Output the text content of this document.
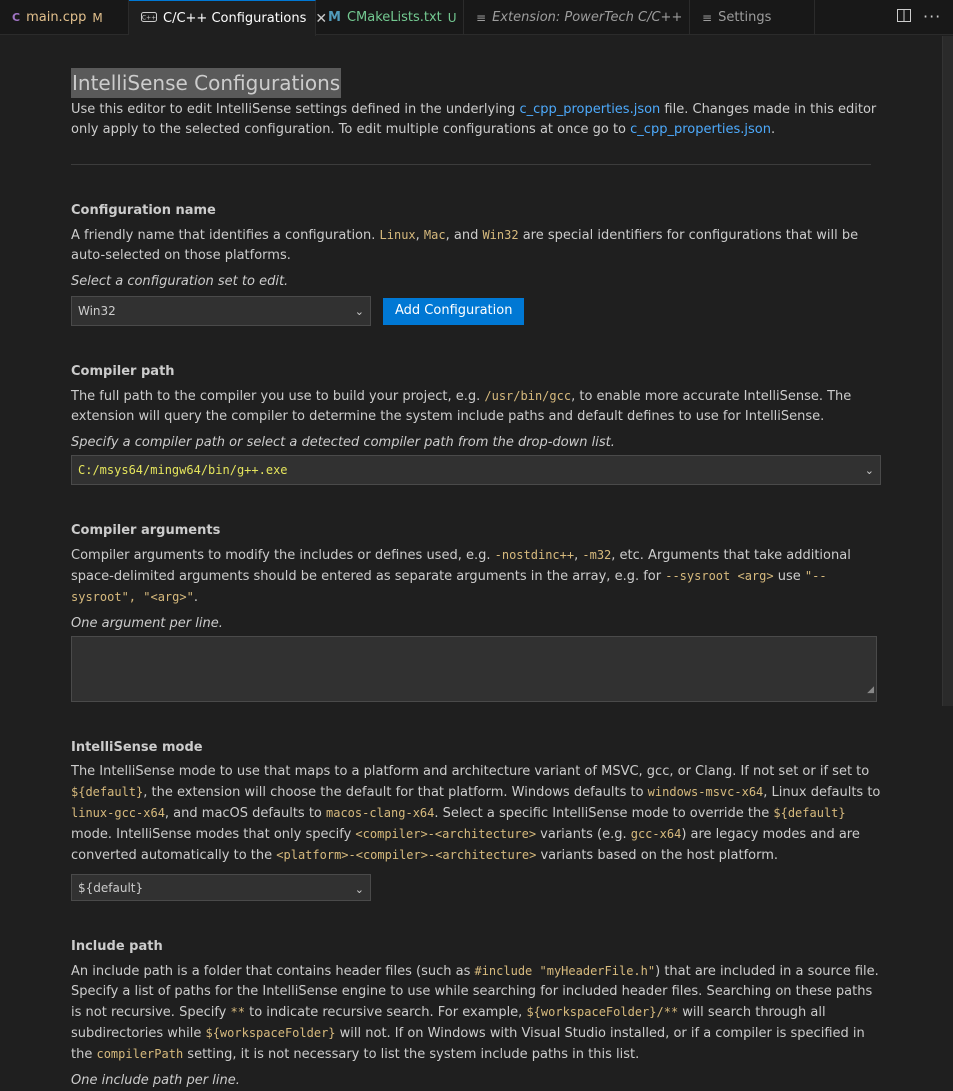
C main.cpp M	C++ C/C++ Configurations ✕ M CMakeLists.txt U ≡ Extension: PowerTech C/C++ ≡ Settings	···
IntelliSense Configurations
Use this editor to edit IntelliSense settings defined in the underlying c_cpp_properties.json file. Changes made in this editor only apply to the selected configuration. To edit multiple configurations at once go to c_cpp_properties.json.
Configuration name
A friendly name that identifies a configuration. Linux, Mac, and Win32 are special identifiers for configurations that will be auto-selected on those platforms.
Select a configuration set to edit.
Win32	⌄	Add Configuration
Compiler path
The full path to the compiler you use to build your project, e.g. /usr/bin/gcc, to enable more accurate IntelliSense. The extension will query the compiler to determine the system include paths and default defines to use for IntelliSense.
Specify a compiler path or select a detected compiler path from the drop-down list.
C:/msys64/mingw64/bin/g++.exe	⌄
Compiler arguments
Compiler arguments to modify the includes or defines used, e.g. -nostdinc++, -m32, etc. Arguments that take additional space-delimited arguments should be entered as separate arguments in the array, e.g. for --sysroot <arg> use "--sysroot", "<arg>".
One argument per line.
◢
IntelliSense mode
The IntelliSense mode to use that maps to a platform and architecture variant of MSVC, gcc, or Clang. If not set or if set to ${default}, the extension will choose the default for that platform. Windows defaults to windows-msvc-x64, Linux defaults to linux-gcc-x64, and macOS defaults to macos-clang-x64. Select a specific IntelliSense mode to override the ${default} mode. IntelliSense modes that only specify <compiler>-<architecture> variants (e.g. gcc-x64) are legacy modes and are converted automatically to the <platform>-<compiler>-<architecture> variants based on the host platform.
${default}	⌄
Include path
An include path is a folder that contains header files (such as #include "myHeaderFile.h") that are included in a source file. Specify a list of paths for the IntelliSense engine to use while searching for included header files. Searching on these paths is not recursive. Specify ** to indicate recursive search. For example, ${workspaceFolder}/** will search through all subdirectories while ${workspaceFolder} will not. If on Windows with Visual Studio installed, or if a compiler is specified in the compilerPath setting, it is not necessary to list the system include paths in this list.
One include path per line.
